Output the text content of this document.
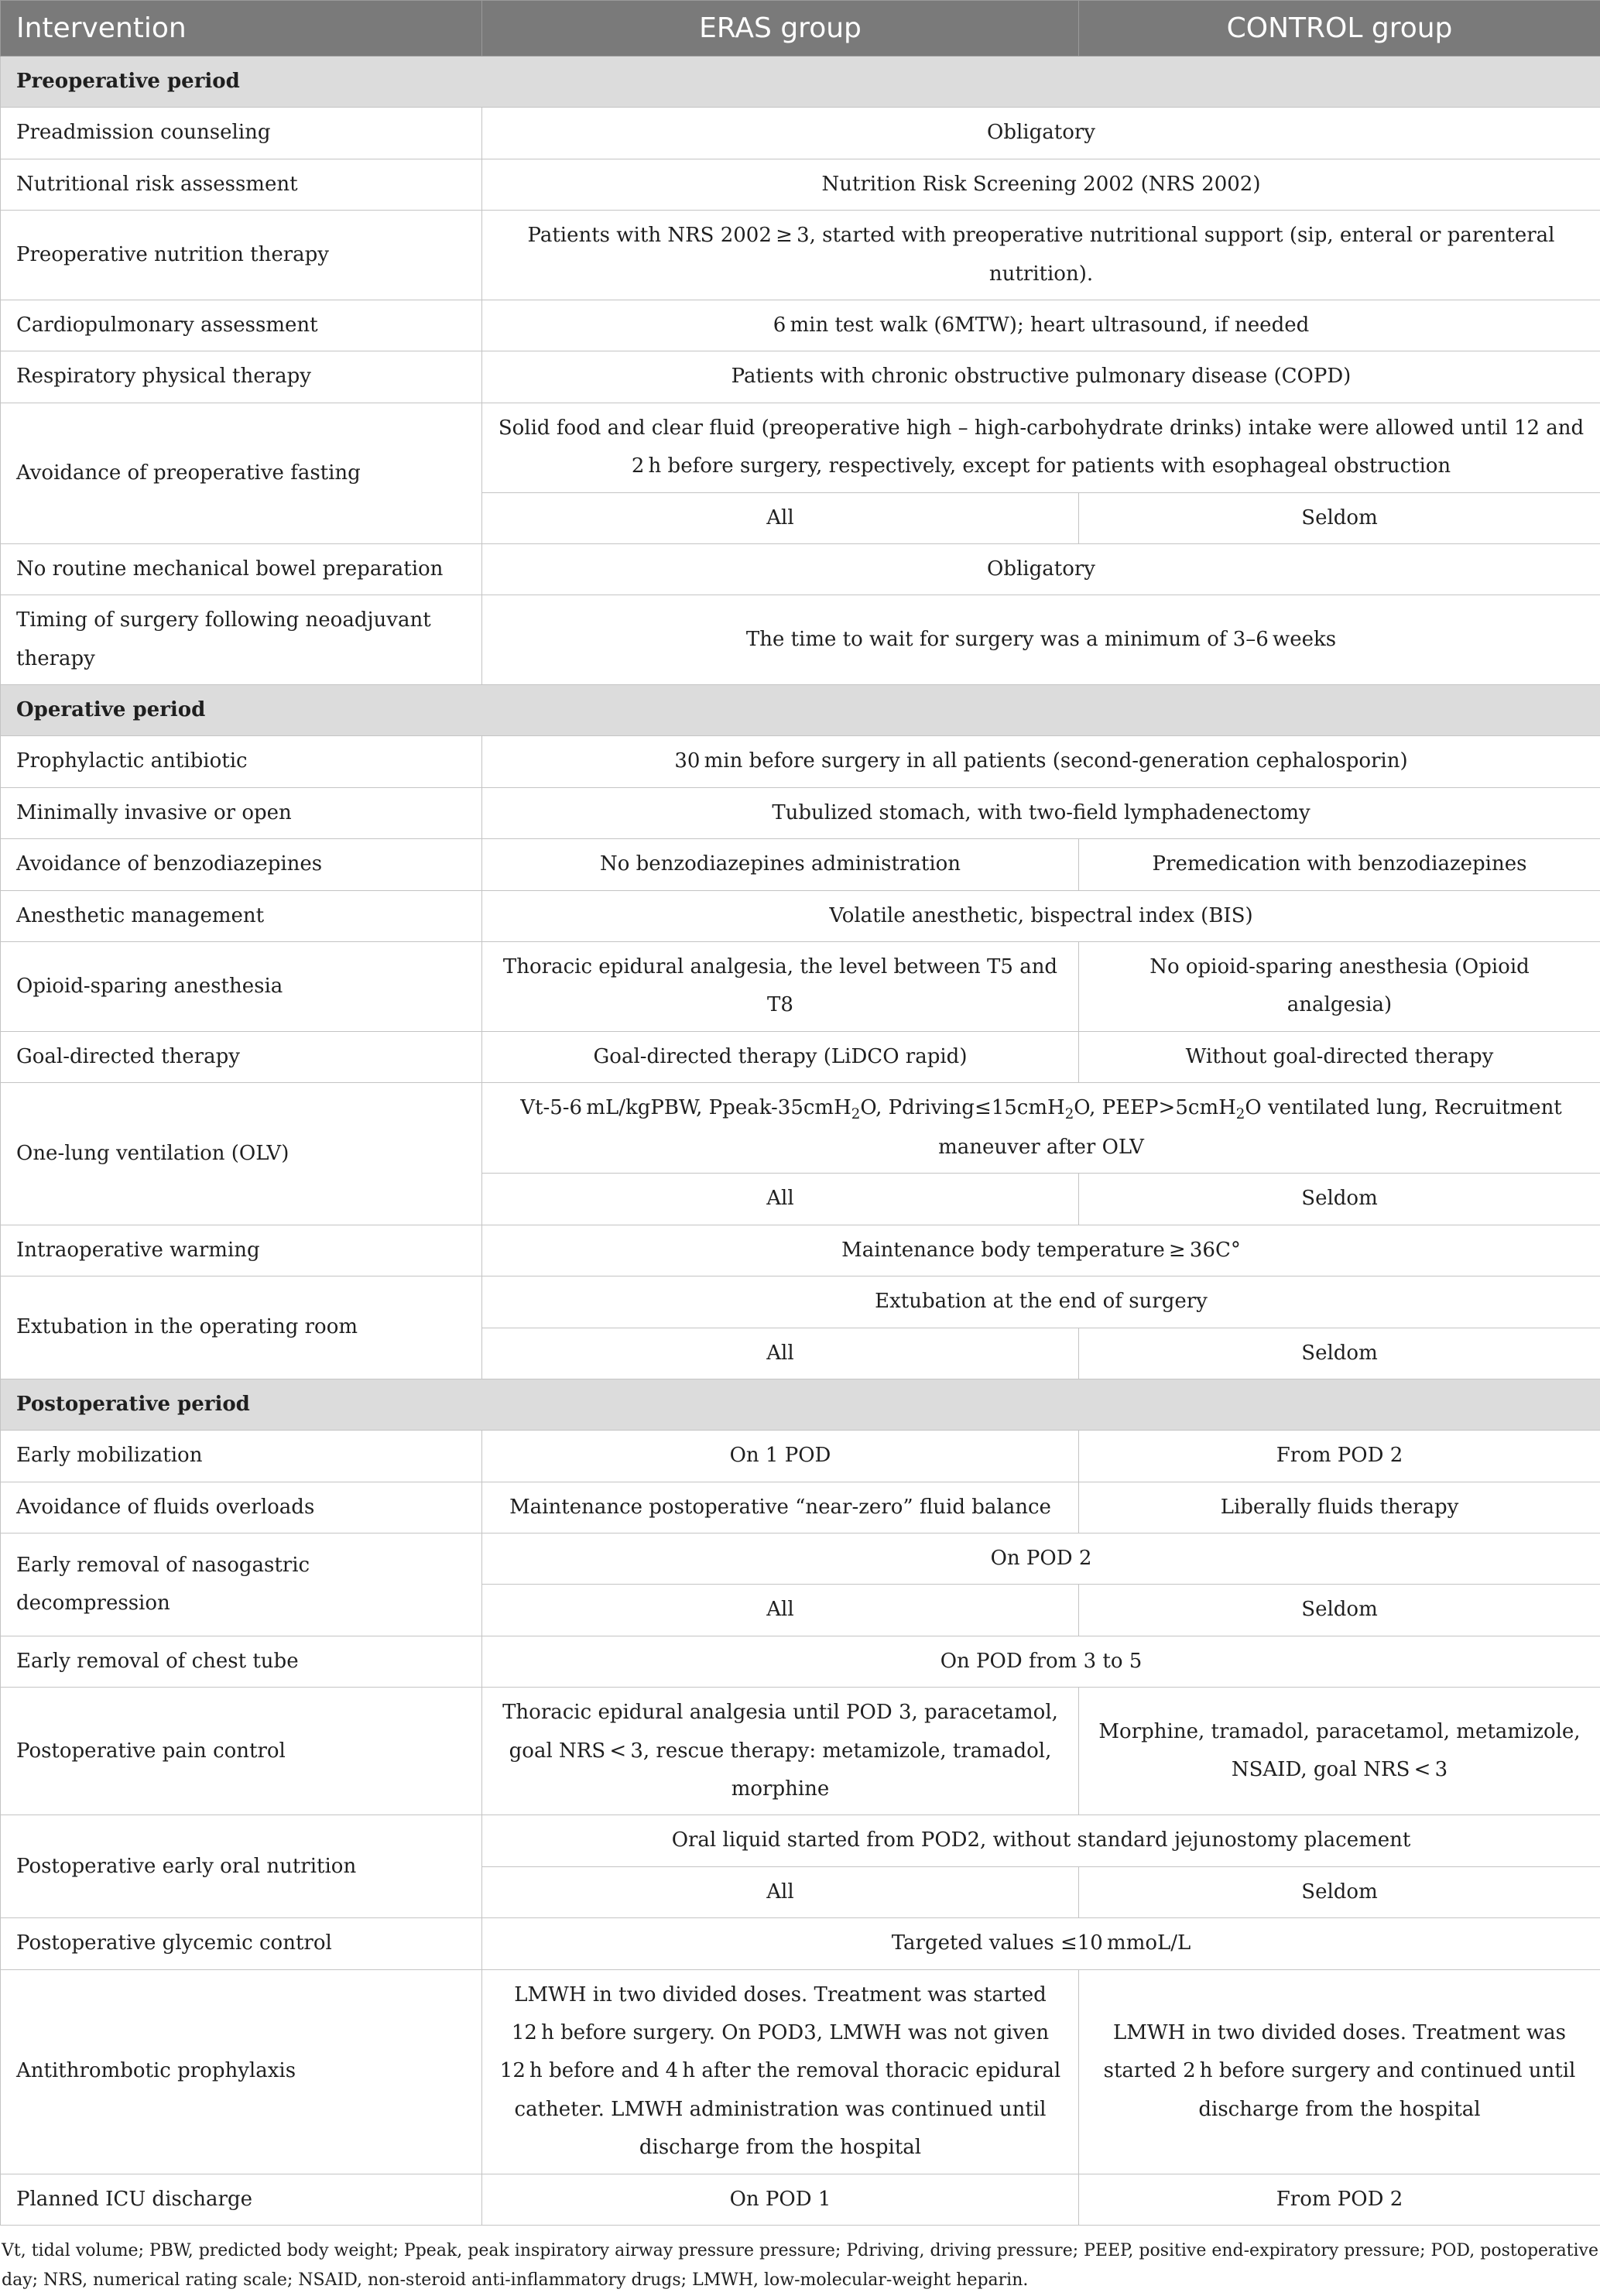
Intervention	ERAS group	CONTROL group
Preoperative period		
Preadmission counseling	Obligatory	
Nutritional risk assessment	Nutrition Risk Screening 2002 (NRS 2002)	
Preoperative nutrition therapy	Patients with NRS 2002 ≥ 3, started with preoperative nutritional support (sip, enteral or parenteral nutrition).	
Cardiopulmonary assessment	6 min test walk (6MTW); heart ultrasound, if needed	
Respiratory physical therapy	Patients with chronic obstructive pulmonary disease (COPD)	
Avoidance of preoperative fasting	Solid food and clear fluid (preoperative high – high-carbohydrate drinks) intake were allowed until 12 and 2 h before surgery, respectively, except for patients with esophageal obstruction	
	All	Seldom
No routine mechanical bowel preparation	Obligatory	
Timing of surgery following neoadjuvant therapy	The time to wait for surgery was a minimum of 3–6 weeks	
Operative period		
Prophylactic antibiotic	30 min before surgery in all patients (second-generation cephalosporin)	
Minimally invasive or open	Tubulized stomach, with two-field lymphadenectomy	
Avoidance of benzodiazepines	No benzodiazepines administration	Premedication with benzodiazepines
Anesthetic management	Volatile anesthetic, bispectral index (BIS)	
Opioid-sparing anesthesia	Thoracic epidural analgesia, the level between T5 and T8	No opioid-sparing anesthesia (Opioid analgesia)
Goal-directed therapy	Goal-directed therapy (LiDCO rapid)	Without goal-directed therapy
One-lung ventilation (OLV)	Vt-5-6 mL/kgPBW, Ppeak-35cmH$_2$O, Pdriving≤15cmH$_2$O, PEEP>5cmH$_2$O ventilated lung, Recruitment maneuver after OLV	
	All	Seldom
Intraoperative warming	Maintenance body temperature ≥ 36C°	
Extubation in the operating room	Extubation at the end of surgery	
	All	Seldom
Postoperative period		
Early mobilization	On 1 POD	From POD 2
Avoidance of fluids overloads	Maintenance postoperative “near-zero” fluid balance	Liberally fluids therapy
Early removal of nasogastric decompression	On POD 2	
	All	Seldom
Early removal of chest tube	On POD from 3 to 5	
Postoperative pain control	Thoracic epidural analgesia until POD 3, paracetamol, goal NRS < 3, rescue therapy: metamizole, tramadol, morphine	Morphine, tramadol, paracetamol, metamizole, NSAID, goal NRS < 3
Postoperative early oral nutrition	Oral liquid started from POD2, without standard jejunostomy placement	
	All	Seldom
Postoperative glycemic control	Targeted values ≤10 mmoL/L	
Antithrombotic prophylaxis	LMWH in two divided doses. Treatment was started 12 h before surgery. On POD3, LMWH was not given 12 h before and 4 h after the removal thoracic epidural catheter. LMWH administration was continued until discharge from the hospital	LMWH in two divided doses. Treatment was started 2 h before surgery and continued until discharge from the hospital
Planned ICU discharge	On POD 1	From POD 2
Vt, tidal volume; PBW, predicted body weight; Ppeak, peak inspiratory airway pressure pressure; Pdriving, driving pressure; PEEP, positive end-expiratory pressure; POD, postoperative day; NRS, numerical rating scale; NSAID, non-steroid anti-inflammatory drugs; LMWH, low-molecular-weight heparin.
